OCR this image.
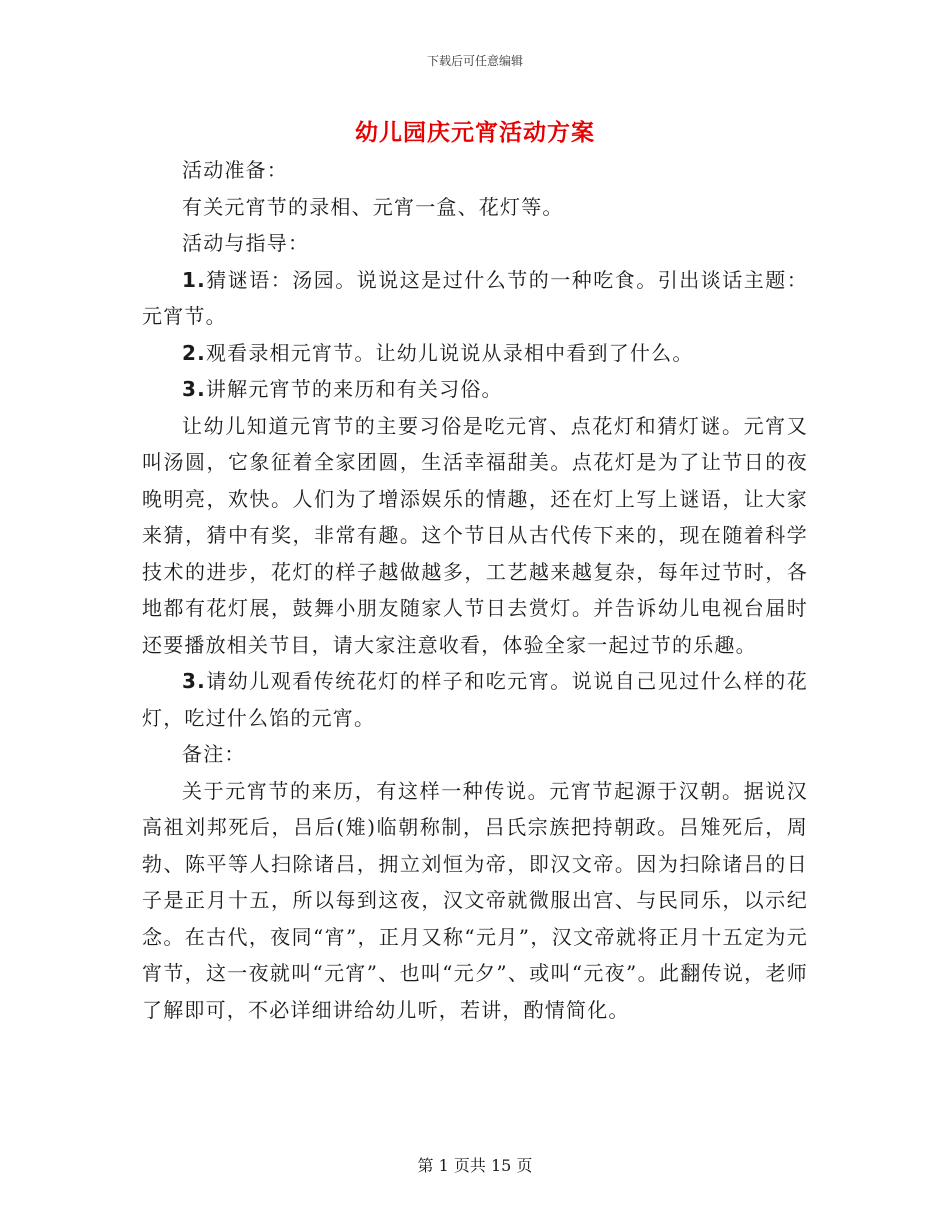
下载后可任意编辑
幼儿园庆元宵活动方案

活动准备：

有关元宵节的录相、元宵一盒、花灯等。

活动与指导：

1.猜谜语：汤园。说说这是过什么节的一种吃食。引出谈话主题：元宵节。

2.观看录相元宵节。让幼儿说说从录相中看到了什么。

3.讲解元宵节的来历和有关习俗。

让幼儿知道元宵节的主要习俗是吃元宵、点花灯和猜灯谜。元宵又叫汤圆，它象征着全家团圆，生活幸福甜美。点花灯是为了让节日的夜晚明亮，欢快。人们为了增添娱乐的情趣，还在灯上写上谜语，让大家来猜，猜中有奖，非常有趣。这个节日从古代传下来的，现在随着科学技术的进步，花灯的样子越做越多，工艺越来越复杂，每年过节时，各地都有花灯展，鼓舞小朋友随家人节日去赏灯。并告诉幼儿电视台届时还要播放相关节目，请大家注意收看，体验全家一起过节的乐趣。

3.请幼儿观看传统花灯的样子和吃元宵。说说自己见过什么样的花灯，吃过什么馅的元宵。

备注：

关于元宵节的来历，有这样一种传说。元宵节起源于汉朝。据说汉高祖刘邦死后，吕后(雉)临朝称制，吕氏宗族把持朝政。吕雉死后，周勃、陈平等人扫除诸吕，拥立刘恒为帝，即汉文帝。因为扫除诸吕的日子是正月十五，所以每到这夜，汉文帝就微服出宫、与民同乐，以示纪念。在古代，夜同“宵”，正月又称“元月”，汉文帝就将正月十五定为元宵节，这一夜就叫“元宵”、也叫“元夕”、或叫“元夜”。此翻传说，老师了解即可，不必详细讲给幼儿听，若讲，酌情简化。

第 1 页共 15 页
